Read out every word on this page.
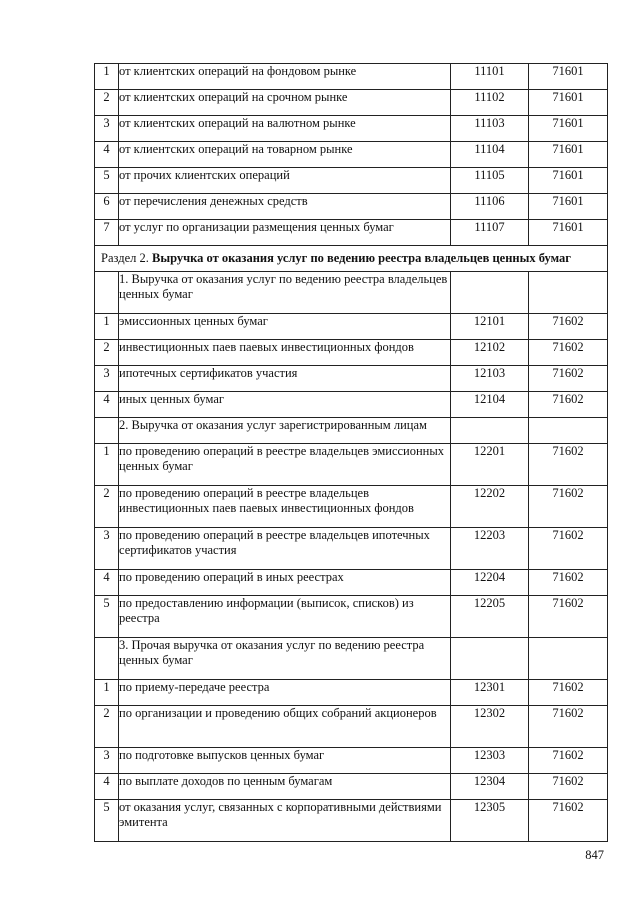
1	от клиентских операций на фондовом рынке	11101	71601
2	от клиентских операций на срочном рынке	11102	71601
3	от клиентских операций на валютном рынке	11103	71601
4	от клиентских операций на товарном рынке	11104	71601
5	от прочих клиентских операций	11105	71601
6	от перечисления денежных средств	11106	71601
7	от услуг по организации размещения ценных бумаг	11107	71601
Раздел 2. Выручка от оказания услуг по ведению реестра владельцев ценных бумаг			
	1. Выручка от оказания услуг по ведению реестра владельцев ценных бумаг		
1	эмиссионных ценных бумаг	12101	71602
2	инвестиционных паев паевых инвестиционных фондов	12102	71602
3	ипотечных сертификатов участия	12103	71602
4	иных ценных бумаг	12104	71602
	2. Выручка от оказания услуг зарегистрированным лицам		
1	по проведению операций в реестре владельцев эмиссионных ценных бумаг	12201	71602
2	по проведению операций в реестре владельцев инвестиционных паев паевых инвестиционных фондов	12202	71602
3	по проведению операций в реестре владельцев ипотечных сертификатов участия	12203	71602
4	по проведению операций в иных реестрах	12204	71602
5	по предоставлению информации (выписок, списков) из реестра	12205	71602
	3. Прочая выручка от оказания услуг по ведению реестра ценных бумаг		
1	по приему-передаче реестра	12301	71602
2	по организации и проведению общих собраний акционеров	12302	71602
3	по подготовке выпусков ценных бумаг	12303	71602
4	по выплате доходов по ценным бумагам	12304	71602
5	от оказания услуг, связанных с корпоративными действиями эмитента	12305	71602
847
